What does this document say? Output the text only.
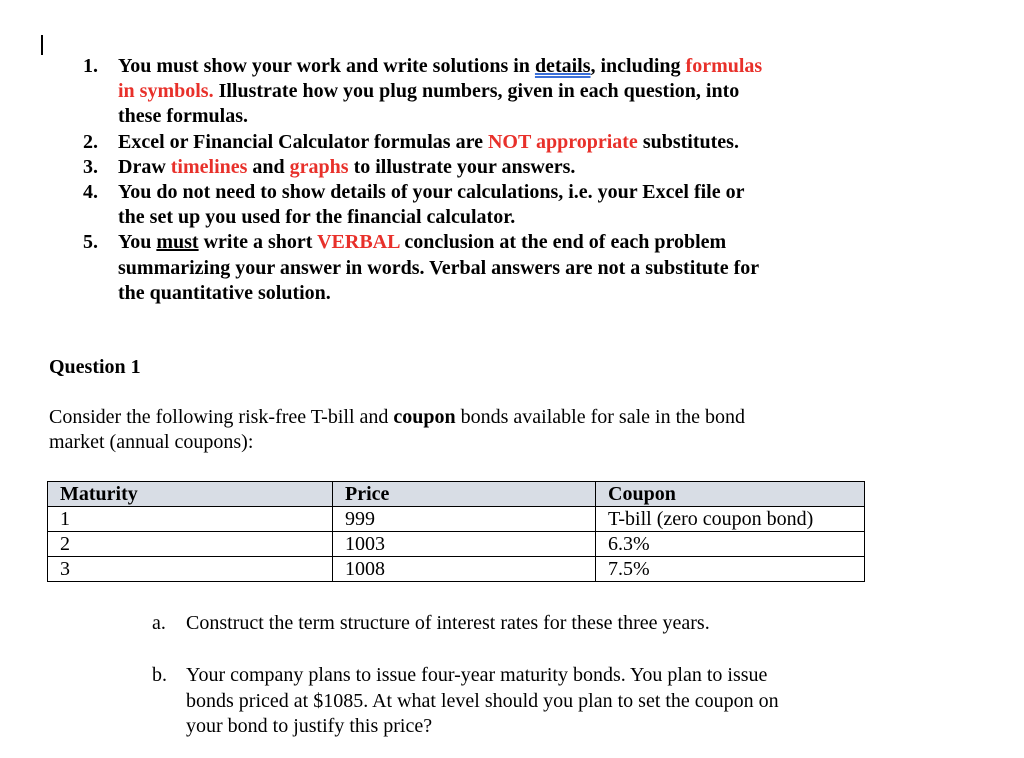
1. You must show your work and write solutions in details, including formulas
in symbols. Illustrate how you plug numbers, given in each question, into
these formulas.
2. Excel or Financial Calculator formulas are NOT appropriate substitutes.
3. Draw timelines and graphs to illustrate your answers.
4. You do not need to show details of your calculations, i.e. your Excel file or
the set up you used for the financial calculator.
5. You must write a short VERBAL conclusion at the end of each problem
summarizing your answer in words. Verbal answers are not a substitute for
the quantitative solution.
Question 1
Consider the following risk-free T-bill and coupon bonds available for sale in the bond
market (annual coupons):
Maturity	Price	Coupon
1	999	T-bill (zero coupon bond)
2	1003	6.3%
3	1008	7.5%
a. Construct the term structure of interest rates for these three years.
b. Your company plans to issue four-year maturity bonds. You plan to issue
bonds priced at $1085. At what level should you plan to set the coupon on
your bond to justify this price?
